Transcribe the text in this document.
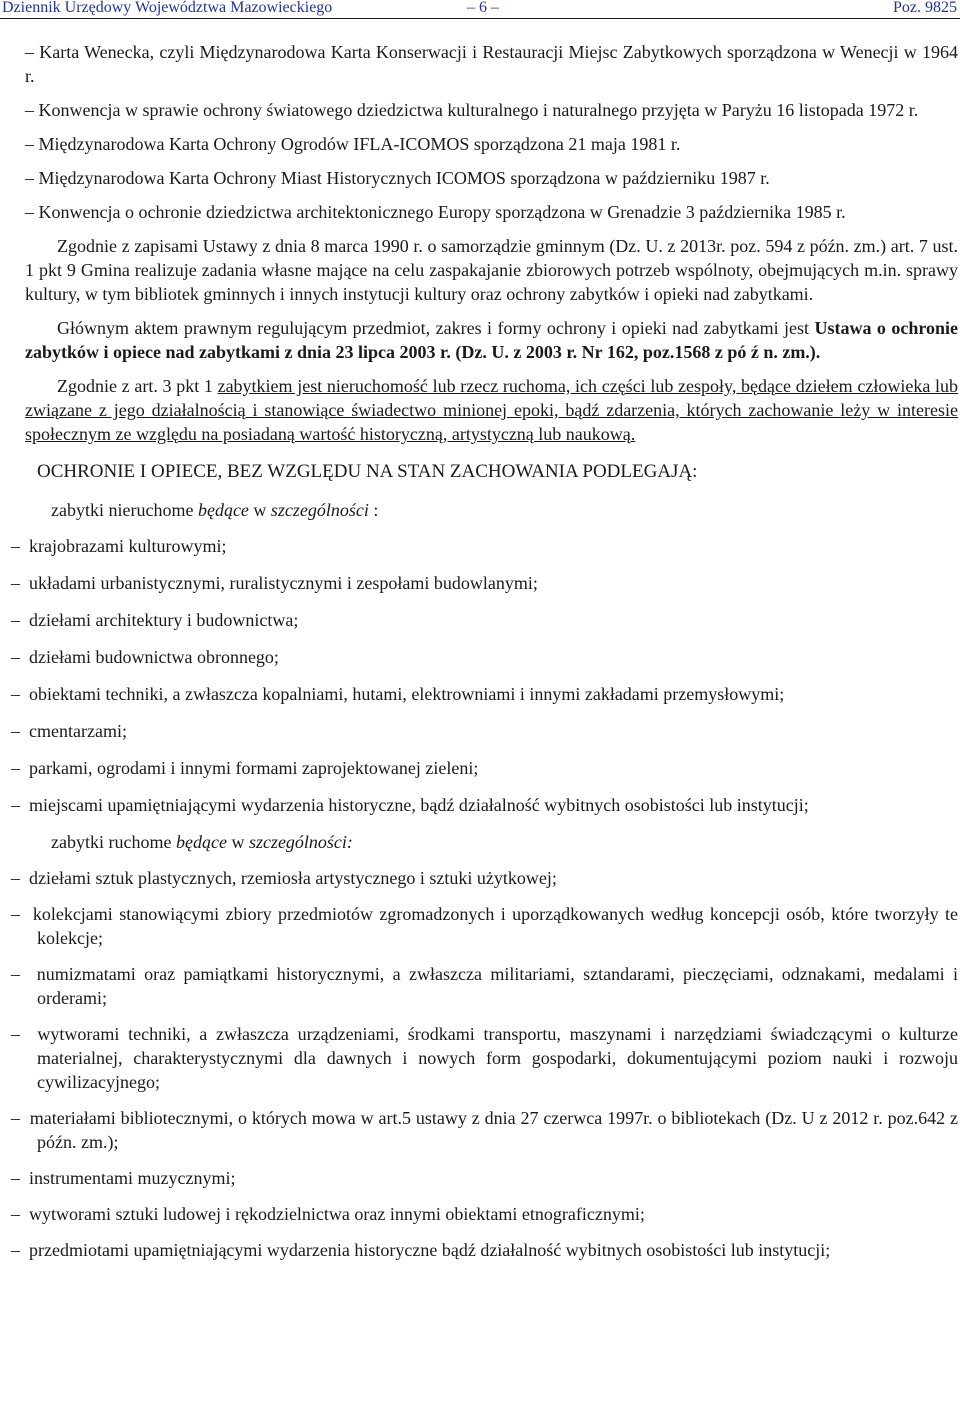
Dziennik Urzędowy Województwa Mazowieckiego	– 6 –	Poz. 9825

– Karta Wenecka, czyli Międzynarodowa Karta Konserwacji i Restauracji Miejsc Zabytkowych sporządzona w Wenecji w 1964 r.

– Konwencja w sprawie ochrony światowego dziedzictwa kulturalnego i naturalnego przyjęta w Paryżu 16 listopada 1972 r.

– Międzynarodowa Karta Ochrony Ogrodów IFLA-ICOMOS sporządzona 21 maja 1981 r.

– Międzynarodowa Karta Ochrony Miast Historycznych ICOMOS sporządzona w październiku 1987 r.

– Konwencja o ochronie dziedzictwa architektonicznego Europy sporządzona w Grenadzie 3 października 1985 r.

Zgodnie z zapisami Ustawy z dnia 8 marca 1990 r. o samorządzie gminnym (Dz. U. z 2013r. poz. 594 z późn. zm.) art. 7 ust. 1 pkt 9 Gmina realizuje zadania własne mające na celu zaspakajanie zbiorowych potrzeb wspólnoty, obejmujących m.in. sprawy kultury, w tym bibliotek gminnych i innych instytucji kultury oraz ochrony zabytków i opieki nad zabytkami.

Głównym aktem prawnym regulującym przedmiot, zakres i formy ochrony i opieki nad zabytkami jest Ustawa o ochronie zabytków i opiece nad zabytkami z dnia 23 lipca 2003 r. (Dz. U. z 2003 r. Nr 162, poz.1568 z pó ź n. zm.).

Zgodnie z art. 3 pkt 1 zabytkiem jest nieruchomość lub rzecz ruchoma, ich części lub zespoły, będące dziełem człowieka lub związane z jego działalnością i stanowiące świadectwo minionej epoki, bądź zdarzenia, których zachowanie leży w interesie społecznym ze względu na posiadaną wartość historyczną, artystyczną lub naukową.

OCHRONIE I OPIECE, BEZ WZGLĘDU NA STAN ZACHOWANIA PODLEGAJĄ:

zabytki nieruchome będące w szczególności :

–  krajobrazami kulturowymi;

–  układami urbanistycznymi, ruralistycznymi i zespołami budowlanymi;

–  dziełami architektury i budownictwa;

–  dziełami budownictwa obronnego;

–  obiektami techniki, a zwłaszcza kopalniami, hutami, elektrowniami i innymi zakładami przemysłowymi;

–  cmentarzami;

–  parkami, ogrodami i innymi formami zaprojektowanej zieleni;

–  miejscami upamiętniającymi wydarzenia historyczne, bądź działalność wybitnych osobistości lub instytucji;

zabytki ruchome będące w szczególności:

–  dziełami sztuk plastycznych, rzemiosła artystycznego i sztuki użytkowej;

–  kolekcjami stanowiącymi zbiory przedmiotów zgromadzonych i uporządkowanych według koncepcji osób, które tworzyły te kolekcje;

–  numizmatami oraz pamiątkami historycznymi, a zwłaszcza militariami, sztandarami, pieczęciami, odznakami, medalami i orderami;

–  wytworami techniki, a zwłaszcza urządzeniami, środkami transportu, maszynami i narzędziami świadczącymi o kulturze materialnej, charakterystycznymi dla dawnych i nowych form gospodarki, dokumentującymi poziom nauki i rozwoju cywilizacyjnego;

–  materiałami bibliotecznymi, o których mowa w art.5 ustawy z dnia 27 czerwca 1997r. o bibliotekach (Dz. U z 2012 r. poz.642 z późn. zm.);

–  instrumentami muzycznymi;

–  wytworami sztuki ludowej i rękodzielnictwa oraz innymi obiektami etnograficznymi;

–  przedmiotami upamiętniającymi wydarzenia historyczne bądź działalność wybitnych osobistości lub instytucji;
